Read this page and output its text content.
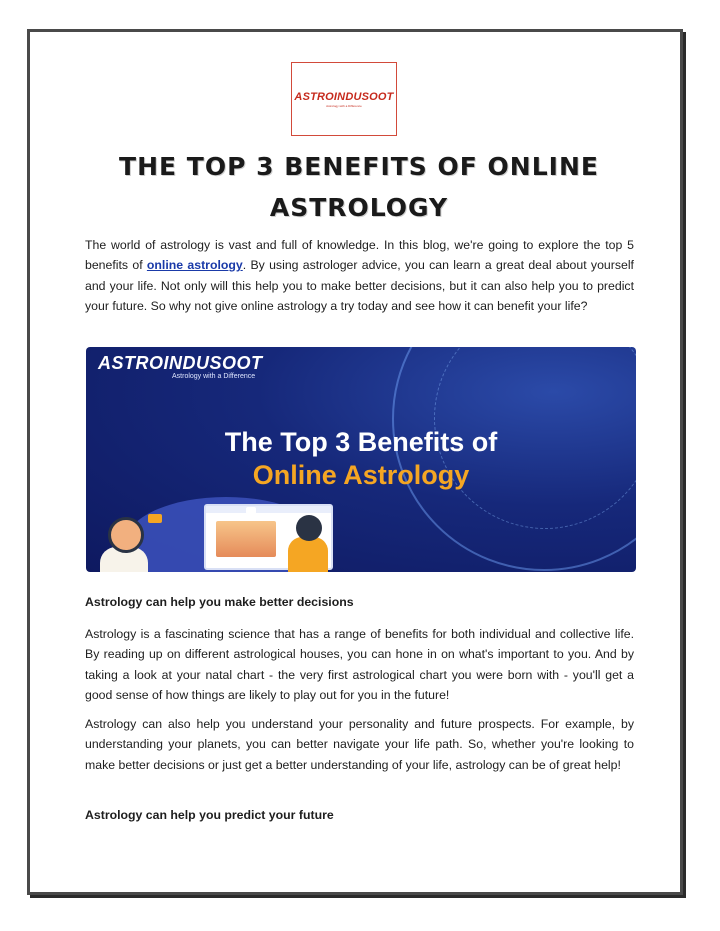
ASTROINDUSOOT
Astrology with a Difference
THE TOP 3 BENEFITS OF ONLINE
ASTROLOGY

The world of astrology is vast and full of knowledge. In this blog, we're going to explore the top 5 benefits of online astrology. By using astrologer advice, you can learn a great deal about yourself and your life. Not only will this help you to make better decisions, but it can also help you to predict your future. So why not give online astrology a try today and see how it can benefit your life?

ASTROINDUSOOT
Astrology with a Difference
The Top 3 Benefits of
Online Astrology

Astrology can help you make better decisions

Astrology is a fascinating science that has a range of benefits for both individual and collective life. By reading up on different astrological houses, you can hone in on what's important to you. And by taking a look at your natal chart - the very first astrological chart you were born with - you'll get a good sense of how things are likely to play out for you in the future!

Astrology can also help you understand your personality and future prospects. For example, by understanding your planets, you can better navigate your life path. So, whether you're looking to make better decisions or just get a better understanding of your life, astrology can be of great help!

Astrology can help you predict your future
